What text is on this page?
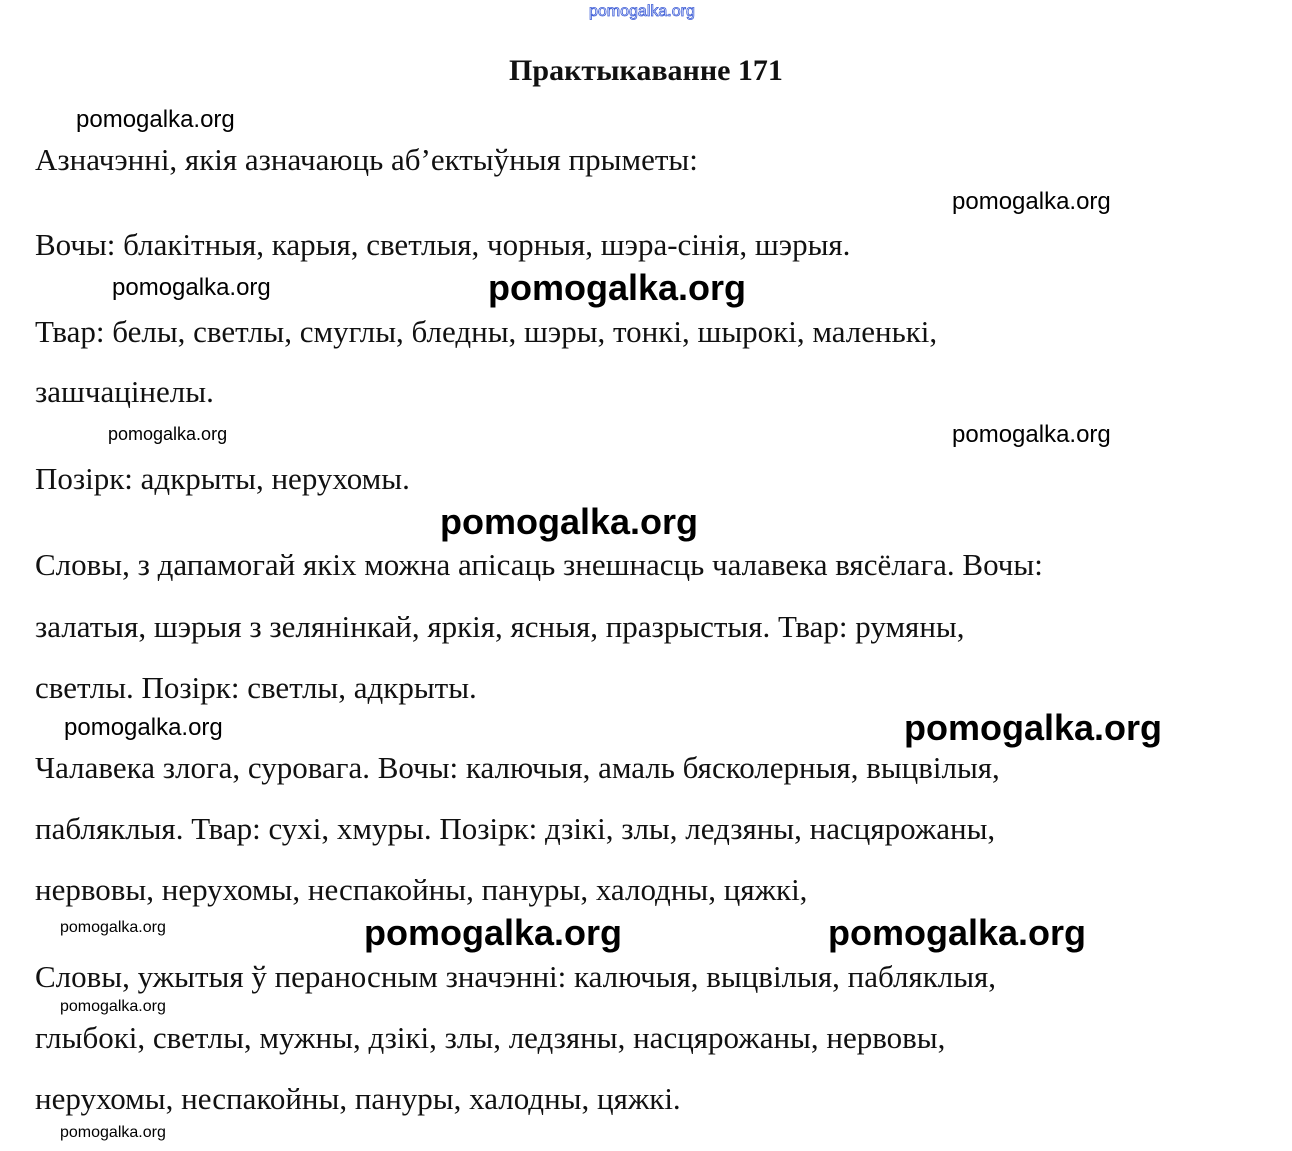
pomogalka.org
Практыкаванне 171
Азначэнні, якія азначаюць аб’ектыўныя прыметы:
Вочы: блакітныя, карыя, светлыя, чорныя, шэра-сінія, шэрыя.
Твар: белы, светлы, смуглы, бледны, шэры, тонкі, шырокі, маленькі,
зашчацінелы.
Позірк: адкрыты, нерухомы.
Словы, з дапамогай якіх можна апісаць знешнасць чалавека вясёлага. Вочы:
залатыя, шэрыя з зелянінкай, яркія, ясныя, празрыстыя. Твар: румяны,
светлы. Позірк: светлы, адкрыты.
Чалавека злога, суровага. Вочы: калючыя, амаль бясколерныя, выцвілыя,
пабляклыя. Твар: сухі, хмуры. Позірк: дзікі, злы, ледзяны, насцярожаны,
нервовы, нерухомы, неспакойны, пануры, халодны, цяжкі,
Словы, ужытыя ў пераносным значэнні: калючыя, выцвілыя, пабляклыя,
глыбокі, светлы, мужны, дзікі, злы, ледзяны, насцярожаны, нервовы,
нерухомы, неспакойны, пануры, халодны, цяжкі.
pomogalka.org
pomogalka.org
pomogalka.org	pomogalka.org
pomogalka.org
pomogalka.org
pomogalka.org
pomogalka.org
pomogalka.org
pomogalka.org	pomogalka.org	pomogalka.org
pomogalka.org
pomogalka.org
